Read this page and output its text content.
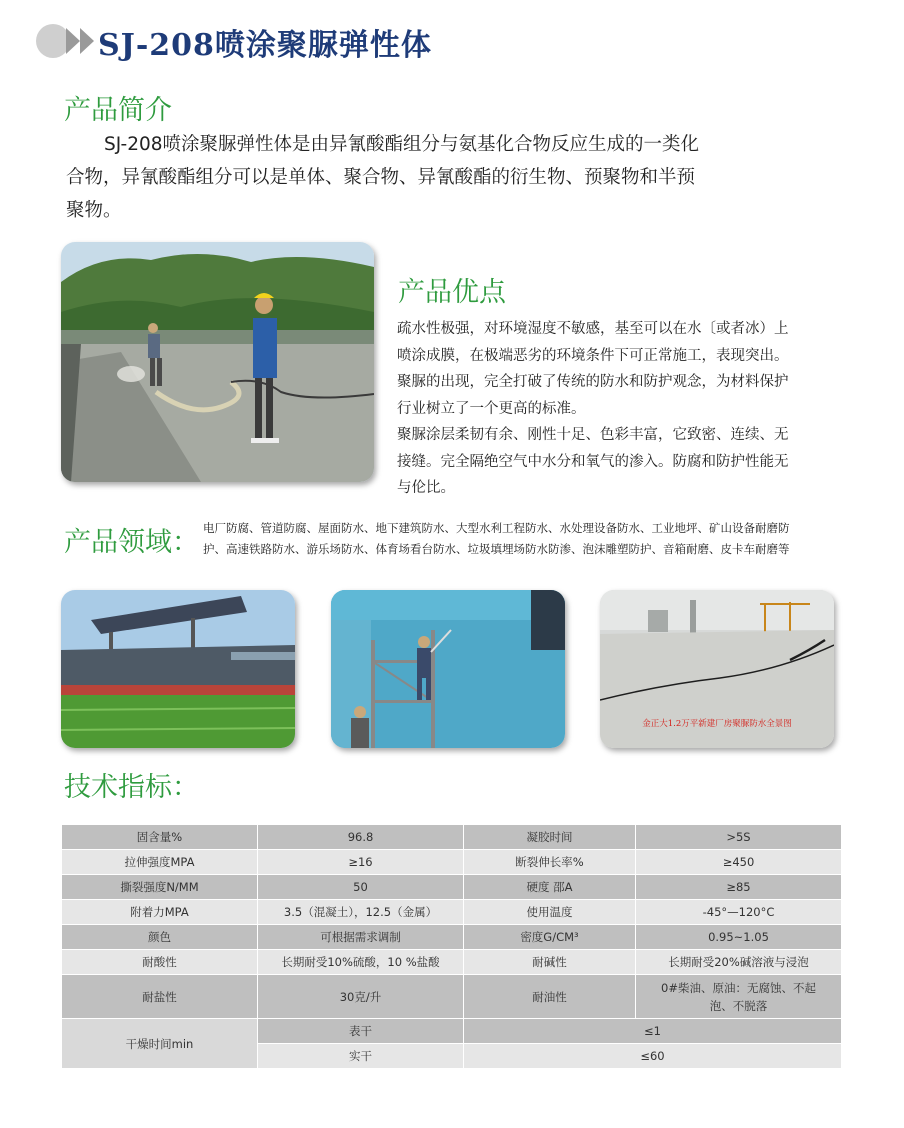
SJ-208喷涂聚脲弹性体
产品简介
SJ-208喷涂聚脲弹性体是由异氰酸酯组分与氨基化合物反应生成的一类化
合物，异氰酸酯组分可以是单体、聚合物、异氰酸酯的衍生物、预聚物和半预
聚物。
产品优点
疏水性极强，对环境湿度不敏感，基至可以在水〔或者冰）上
喷涂成膜，在极端恶劣的环境条件下可正常施工，表现突出。
聚脲的出现，完全打破了传统的防水和防护观念，为材料保护
行业树立了一个更高的标准。
聚脲涂层柔韧有余、刚性十足、色彩丰富，它致密、连续、无
接缝。完全隔绝空气中水分和氧气的渗入。防腐和防护性能无
与伦比。
产品领域： 电厂防腐、管道防腐、屋面防水、地下建筑防水、大型水利工程防水、水处理设备防水、工业地坪、矿山设备耐磨防
护、高速铁路防水、游乐场防水、体育场看台防水、垃圾填埋场防水防渗、泡沫雕塑防护、音箱耐磨、皮卡车耐磨等
金正大1.2万平新建厂房聚脲防水全景图
技术指标：
固含量%	96.8	凝胶时间	>5S
拉伸强度MPA	≥16	断裂伸长率%	≥450
撕裂强度N/MM	50	硬度 邵A	≥85
附着力MPA	3.5（混凝土），12.5（金属）	使用温度	-45°—120°C
颜色	可根据需求调制	密度G/CM³	0.95~1.05
耐酸性	长期耐受10%硫酸，10 %盐酸	耐碱性	长期耐受20%碱溶液与浸泡
耐盐性	30克/升	耐油性	0#柴油、原油：无腐蚀、不起泡、不脱落
干燥时间min	表干	≤1	
	实干	≤60	
